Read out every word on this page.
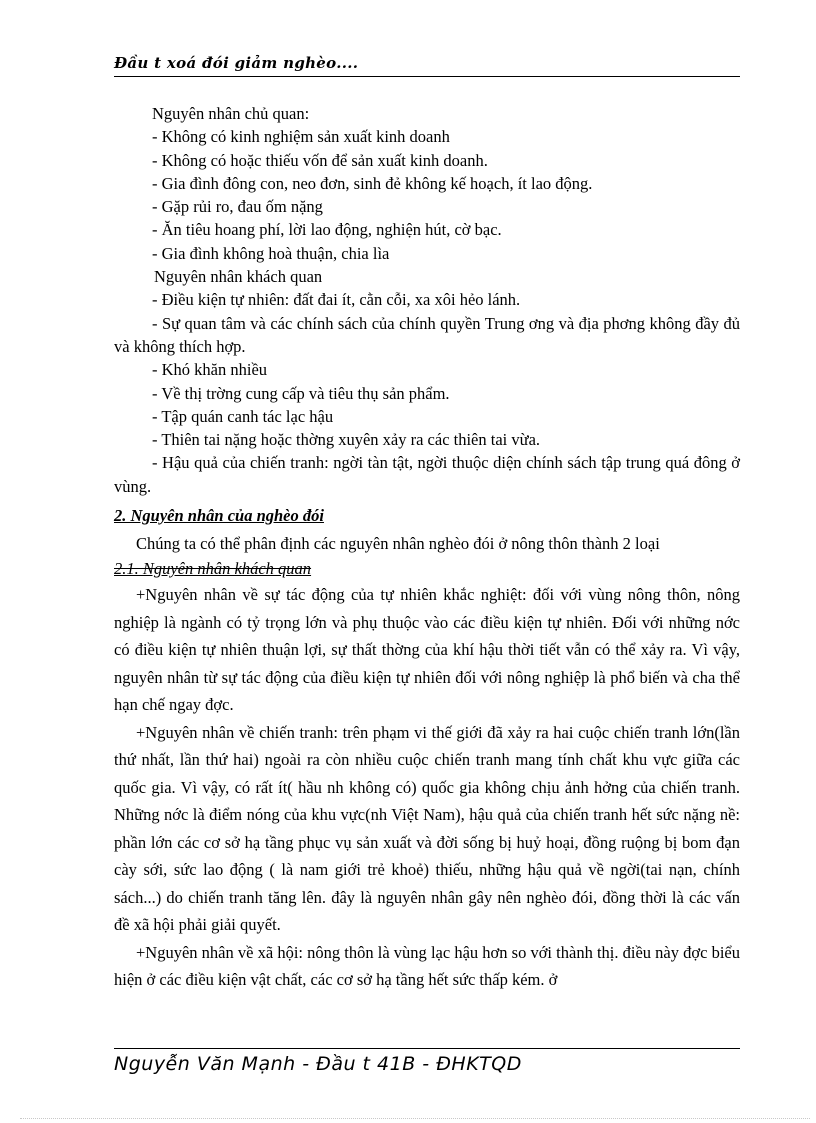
Đầu t xoá đói giảm nghèo....
Nguyên nhân chủ quan:
- Không có kinh nghiệm sản xuất kinh doanh
- Không có hoặc thiếu vốn để sản xuất kinh doanh.
- Gia đình đông con, neo đơn, sinh đẻ không kế hoạch, ít lao động.
- Gặp rủi ro, đau ốm nặng
- Ăn tiêu hoang phí, lời lao động, nghiện hút, cờ bạc.
- Gia đình không hoà thuận, chia lìa
Nguyên nhân khách quan
- Điều kiện tự nhiên: đất đai ít, cằn cỗi, xa xôi hẻo lánh.
- Sự quan tâm và các chính sách của chính quyền Trung ơng và địa phơng không đầy đủ và không thích hợp.
- Khó khăn nhiều
- Về thị trờng cung cấp và tiêu thụ sản phẩm.
- Tập quán canh tác lạc hậu
- Thiên tai nặng hoặc thờng xuyên xảy ra các thiên tai vừa.
- Hậu quả của chiến tranh: ngời tàn tật, ngời thuộc diện chính sách tập trung quá đông ở vùng.
2. Nguyên nhân của nghèo đói
Chúng ta có thể phân định các nguyên nhân nghèo đói ở nông thôn thành 2 loại
2.1. Nguyên nhân khách quan
+Nguyên nhân về sự tác động của tự nhiên khắc nghiệt: đối với vùng nông thôn, nông nghiệp là ngành có tỷ trọng lớn và phụ thuộc vào các điều kiện tự nhiên. Đối với những nớc có điều kiện tự nhiên thuận lợi, sự thất thờng của khí hậu thời tiết vẫn có thể xảy ra. Vì vậy, nguyên nhân từ sự tác động của điều kiện tự nhiên đối với nông nghiệp là phổ biến và cha thể hạn chế ngay đợc.
+Nguyên nhân về chiến tranh: trên phạm vi thế giới đã xảy ra hai cuộc chiến tranh lớn(lần thứ nhất, lần thứ hai) ngoài ra còn nhiều cuộc chiến tranh mang tính chất khu vực giữa các quốc gia. Vì vậy, có rất ít( hầu nh không có) quốc gia không chịu ảnh hởng của chiến tranh. Những nớc là điểm nóng của khu vực(nh Việt Nam), hậu quả của chiến tranh hết sức nặng nề: phần lớn các cơ sở hạ tầng phục vụ sản xuất và đời sống bị huỷ hoại, đồng ruộng bị bom đạn cày sới, sức lao động ( là nam giới trẻ khoẻ) thiếu, những hậu quả về ngời(tai nạn, chính sách...) do chiến tranh tăng lên. đây là nguyên nhân gây nên nghèo đói, đồng thời là các vấn đề xã hội phải giải quyết.
+Nguyên nhân về xã hội: nông thôn là vùng lạc hậu hơn so với thành thị. điều này đợc biểu hiện ở các điều kiện vật chất, các cơ sở hạ tầng hết sức thấp kém. ở
Nguyễn Văn Mạnh - Đầu t 41B - ĐHKTQD
